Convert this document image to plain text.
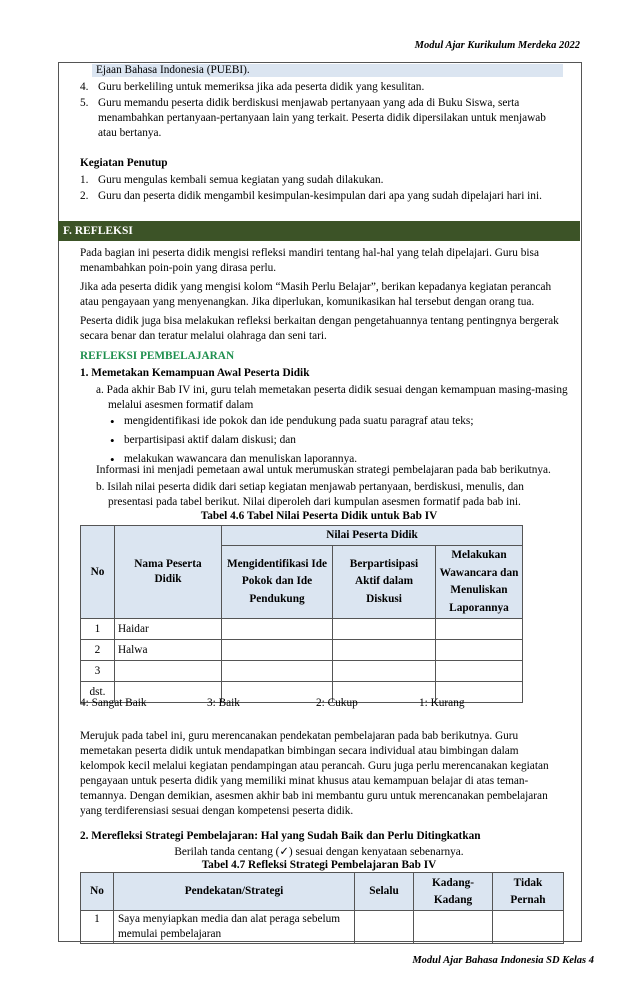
Modul Ajar Kurikulum Merdeka 2022
Ejaan Bahasa Indonesia (PUEBI).
4. Guru berkeliling untuk memeriksa jika ada peserta didik yang kesulitan.
5. Guru memandu peserta didik berdiskusi menjawab pertanyaan yang ada di Buku Siswa, serta menambahkan pertanyaan-pertanyaan lain yang terkait. Peserta didik dipersilakan untuk menjawab atau bertanya.
Kegiatan Penutup
1. Guru mengulas kembali semua kegiatan yang sudah dilakukan.
2. Guru dan peserta didik mengambil kesimpulan-kesimpulan dari apa yang sudah dipelajari hari ini.
F. REFLEKSI

Pada bagian ini peserta didik mengisi refleksi mandiri tentang hal-hal yang telah dipelajari. Guru bisa menambahkan poin-poin yang dirasa perlu.

Jika ada peserta didik yang mengisi kolom “Masih Perlu Belajar”, berikan kepadanya kegiatan perancah atau pengayaan yang menyenangkan. Jika diperlukan, komunikasikan hal tersebut dengan orang tua.

Peserta didik juga bisa melakukan refleksi berkaitan dengan pengetahuannya tentang pentingnya bergerak secara benar dan teratur melalui olahraga dan seni tari.

REFLEKSI PEMBELAJARAN
1. Memetakan Kemampuan Awal Peserta Didik
a. Pada akhir Bab IV ini, guru telah memetakan peserta didik sesuai dengan kemampuan masing-masing melalui asesmen formatif dalam
• mengidentifikasi ide pokok dan ide pendukung pada suatu paragraf atau teks;
• berpartisipasi aktif dalam diskusi; dan
• melakukan wawancara dan menuliskan laporannya.
Informasi ini menjadi pemetaan awal untuk merumuskan strategi pembelajaran pada bab berikutnya.
b. Isilah nilai peserta didik dari setiap kegiatan menjawab pertanyaan, berdiskusi, menulis, dan presentasi pada tabel berikut. Nilai diperoleh dari kumpulan asesmen formatif pada bab ini.
Tabel 4.6 Tabel Nilai Peserta Didik untuk Bab IV
No	Nama Peserta Didik	Nilai Peserta Didik		
		Mengidentifikasi Ide Pokok dan Ide Pendukung	Berpartisipasi Aktif dalam Diskusi	Melakukan Wawancara dan Menuliskan Laporannya
1	Haidar			
2	Halwa			
3				
dst.				
4: Sangat Baik	3: Baik	2: Cukup	1: Kurang
Merujuk pada tabel ini, guru merencanakan pendekatan pembelajaran pada bab berikutnya. Guru memetakan peserta didik untuk mendapatkan bimbingan secara individual atau bimbingan dalam kelompok kecil melalui kegiatan pendampingan atau perancah. Guru juga perlu merencanakan kegiatan pengayaan untuk peserta didik yang memiliki minat khusus atau kemampuan belajar di atas teman-temannya. Dengan demikian, asesmen akhir bab ini membantu guru untuk merencanakan pembelajaran yang terdiferensiasi sesuai dengan kompetensi peserta didik.
2. Merefleksi Strategi Pembelajaran: Hal yang Sudah Baik dan Perlu Ditingkatkan
Berilah tanda centang (✓) sesuai dengan kenyataan sebenarnya.
Tabel 4.7 Refleksi Strategi Pembelajaran Bab IV
No	Pendekatan/Strategi	Selalu	Kadang-Kadang	Tidak Pernah
1	Saya menyiapkan media dan alat peraga sebelum memulai pembelajaran			
Modul Ajar Bahasa Indonesia SD Kelas 4
